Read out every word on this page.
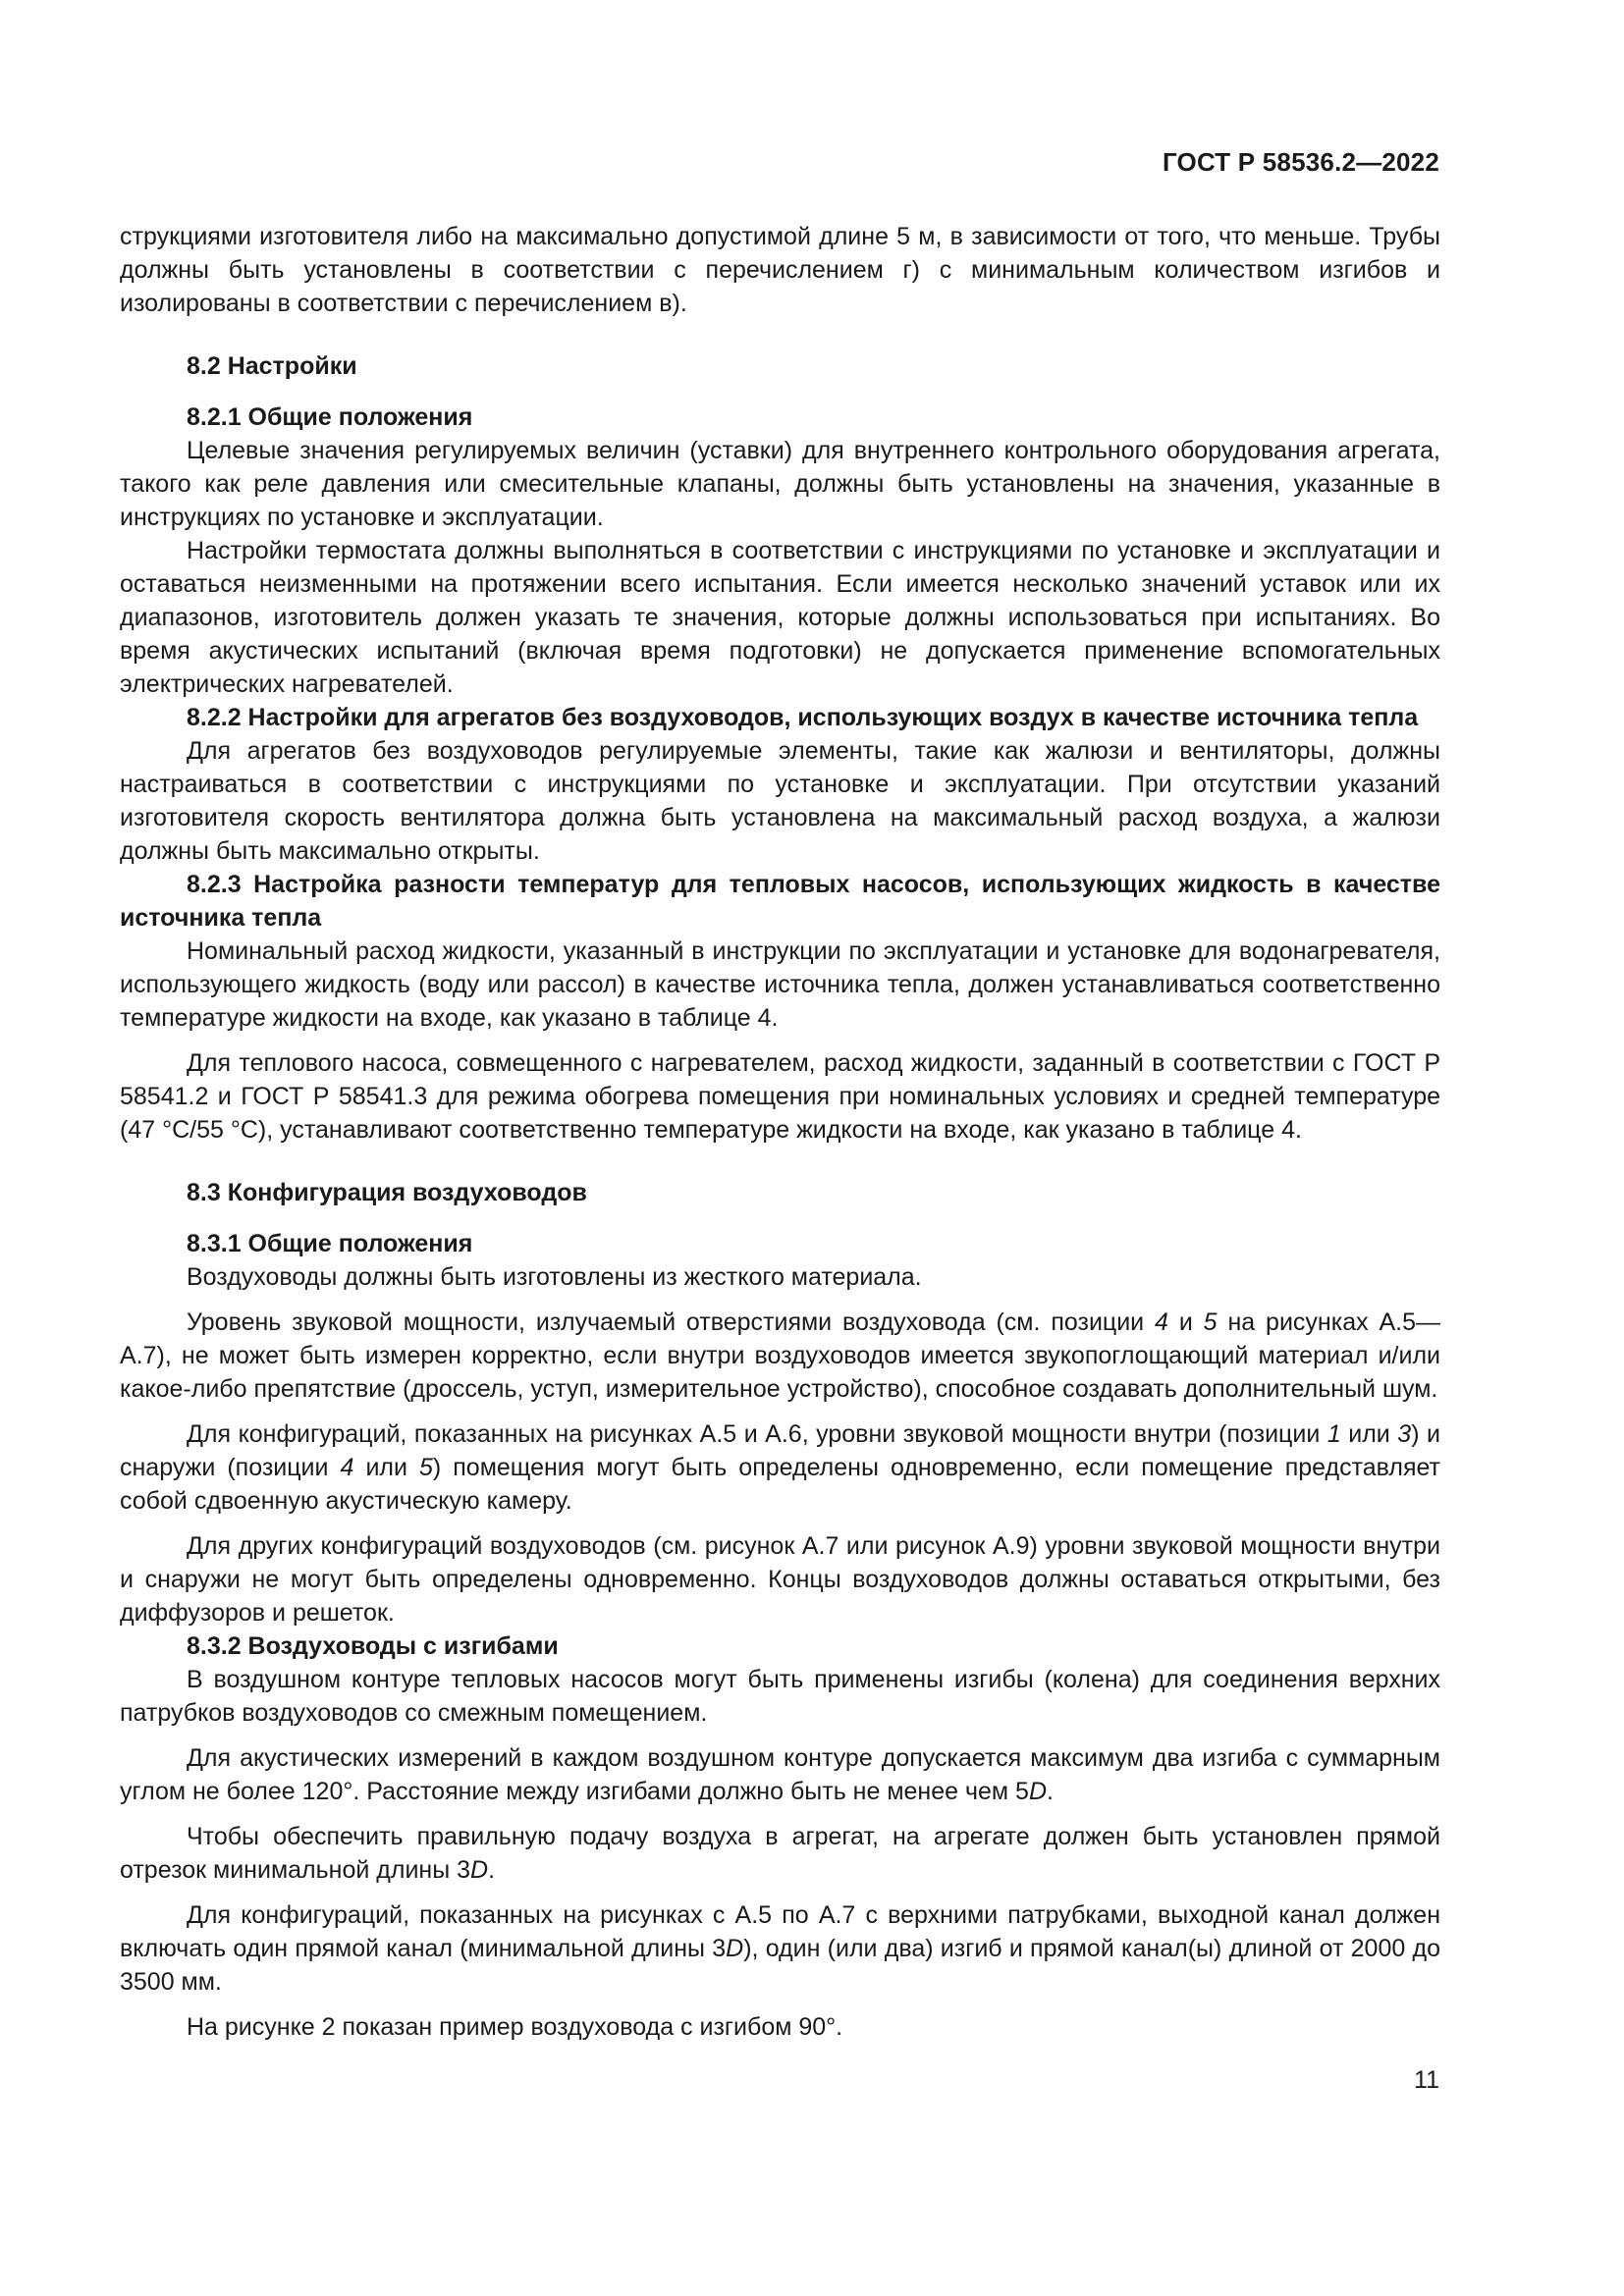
ГОСТ Р 58536.2—2022

струкциями изготовителя либо на максимально допустимой длине 5 м, в зависимости от того, что меньше. Трубы должны быть установлены в соответствии с перечислением г) с минимальным количеством изгибов и изолированы в соответствии с перечислением в).

8.2 Настройки
8.2.1 Общие положения

Целевые значения регулируемых величин (уставки) для внутреннего контрольного оборудования агрегата, такого как реле давления или смесительные клапаны, должны быть установлены на значения, указанные в инструкциях по установке и эксплуатации.

Настройки термостата должны выполняться в соответствии с инструкциями по установке и эксплуатации и оставаться неизменными на протяжении всего испытания. Если имеется несколько значений уставок или их диапазонов, изготовитель должен указать те значения, которые должны использоваться при испытаниях. Во время акустических испытаний (включая время подготовки) не допускается применение вспомогательных электрических нагревателей.

8.2.2 Настройки для агрегатов без воздуховодов, использующих воздух в качестве источника тепла

Для агрегатов без воздуховодов регулируемые элементы, такие как жалюзи и вентиляторы, должны настраиваться в соответствии с инструкциями по установке и эксплуатации. При отсутствии указаний изготовителя скорость вентилятора должна быть установлена на максимальный расход воздуха, а жалюзи должны быть максимально открыты.

8.2.3 Настройка разности температур для тепловых насосов, использующих жидкость в качестве источника тепла

Номинальный расход жидкости, указанный в инструкции по эксплуатации и установке для водонагревателя, использующего жидкость (воду или рассол) в качестве источника тепла, должен устанавливаться соответственно температуре жидкости на входе, как указано в таблице 4.

Для теплового насоса, совмещенного с нагревателем, расход жидкости, заданный в соответствии с ГОСТ Р 58541.2 и ГОСТ Р 58541.3 для режима обогрева помещения при номинальных условиях и средней температуре (47 °С/55 °С), устанавливают соответственно температуре жидкости на входе, как указано в таблице 4.

8.3 Конфигурация воздуховодов
8.3.1 Общие положения

Воздуховоды должны быть изготовлены из жесткого материала.

Уровень звуковой мощности, излучаемый отверстиями воздуховода (см. позиции 4 и 5 на рисунках А.5—А.7), не может быть измерен корректно, если внутри воздуховодов имеется звукопоглощающий материал и/или какое-либо препятствие (дроссель, уступ, измерительное устройство), способное создавать дополнительный шум.

Для конфигураций, показанных на рисунках А.5 и А.6, уровни звуковой мощности внутри (позиции 1 или 3) и снаружи (позиции 4 или 5) помещения могут быть определены одновременно, если помещение представляет собой сдвоенную акустическую камеру.

Для других конфигураций воздуховодов (см. рисунок А.7 или рисунок А.9) уровни звуковой мощности внутри и снаружи не могут быть определены одновременно. Концы воздуховодов должны оставаться открытыми, без диффузоров и решеток.

8.3.2 Воздуховоды с изгибами

В воздушном контуре тепловых насосов могут быть применены изгибы (колена) для соединения верхних патрубков воздуховодов со смежным помещением.

Для акустических измерений в каждом воздушном контуре допускается максимум два изгиба с суммарным углом не более 120°. Расстояние между изгибами должно быть не менее чем 5D.

Чтобы обеспечить правильную подачу воздуха в агрегат, на агрегате должен быть установлен прямой отрезок минимальной длины 3D.

Для конфигураций, показанных на рисунках с А.5 по А.7 с верхними патрубками, выходной канал должен включать один прямой канал (минимальной длины 3D), один (или два) изгиб и прямой канал(ы) длиной от 2000 до 3500 мм.

На рисунке 2 показан пример воздуховода с изгибом 90°.

11
